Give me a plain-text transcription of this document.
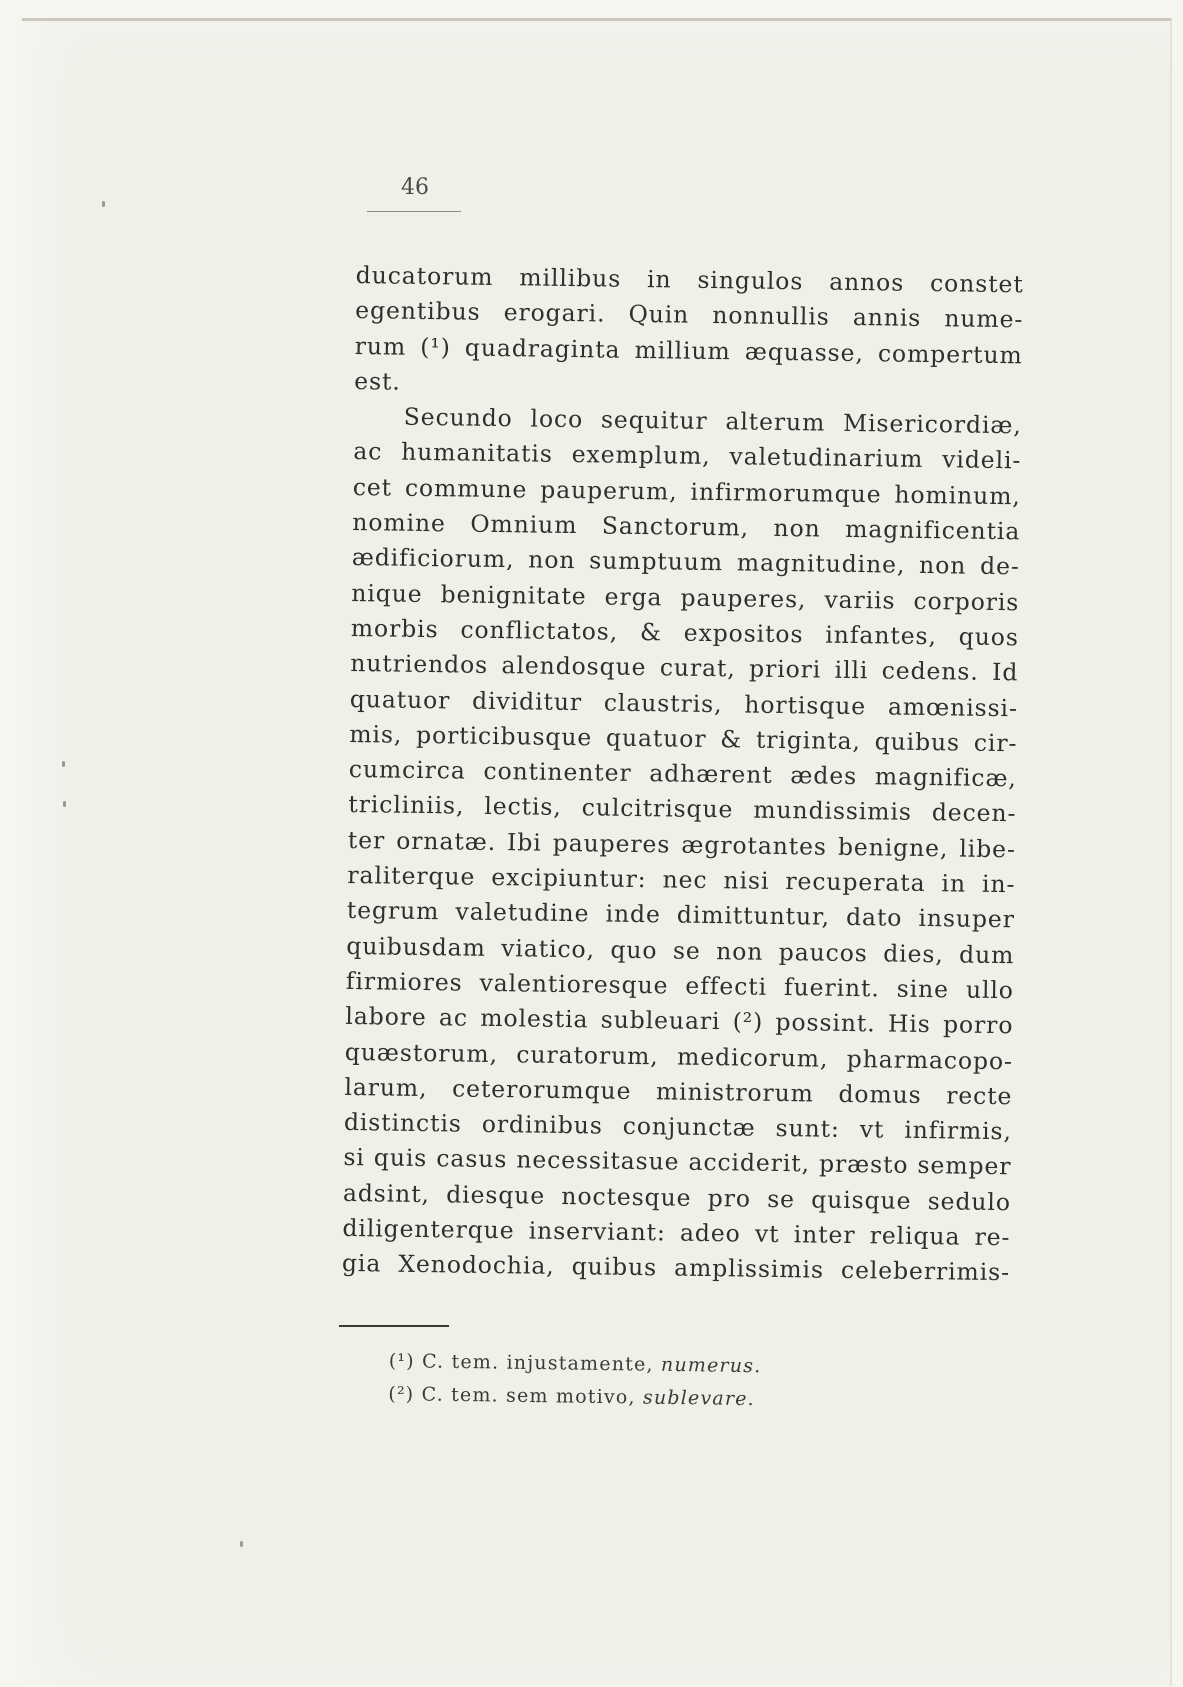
46
ducatorum millibus in singulos annos constet
egentibus erogari. Quin nonnullis annis nume-
rum (¹) quadraginta millium æquasse, compertum
est.
Secundo loco sequitur alterum Misericordiæ,
ac humanitatis exemplum, valetudinarium videli-
cet commune pauperum, infirmorumque hominum,
nomine Omnium Sanctorum, non magnificentia
ædificiorum, non sumptuum magnitudine, non de-
nique benignitate erga pauperes, variis corporis
morbis conflictatos, & expositos infantes, quos
nutriendos alendosque curat, priori illi cedens. Id
quatuor dividitur claustris, hortisque amœnissi-
mis, porticibusque quatuor & triginta, quibus cir-
cumcirca continenter adhærent ædes magnificæ,
tricliniis, lectis, culcitrisque mundissimis decen-
ter ornatæ. Ibi pauperes ægrotantes benigne, libe-
raliterque excipiuntur: nec nisi recuperata in in-
tegrum valetudine inde dimittuntur, dato insuper
quibusdam viatico, quo se non paucos dies, dum
firmiores valentioresque effecti fuerint. sine ullo
labore ac molestia subleuari (²) possint. His porro
quæstorum, curatorum, medicorum, pharmacopo-
larum, ceterorumque ministrorum domus recte
distinctis ordinibus conjunctæ sunt: vt infirmis,
si quis casus necessitasue acciderit, præsto semper
adsint, diesque noctesque pro se quisque sedulo
diligenterque inserviant: adeo vt inter reliqua re-
gia Xenodochia, quibus amplissimis celeberrimis-
(¹) C. tem. injustamente, numerus.
(²) C. tem. sem motivo, sublevare.
